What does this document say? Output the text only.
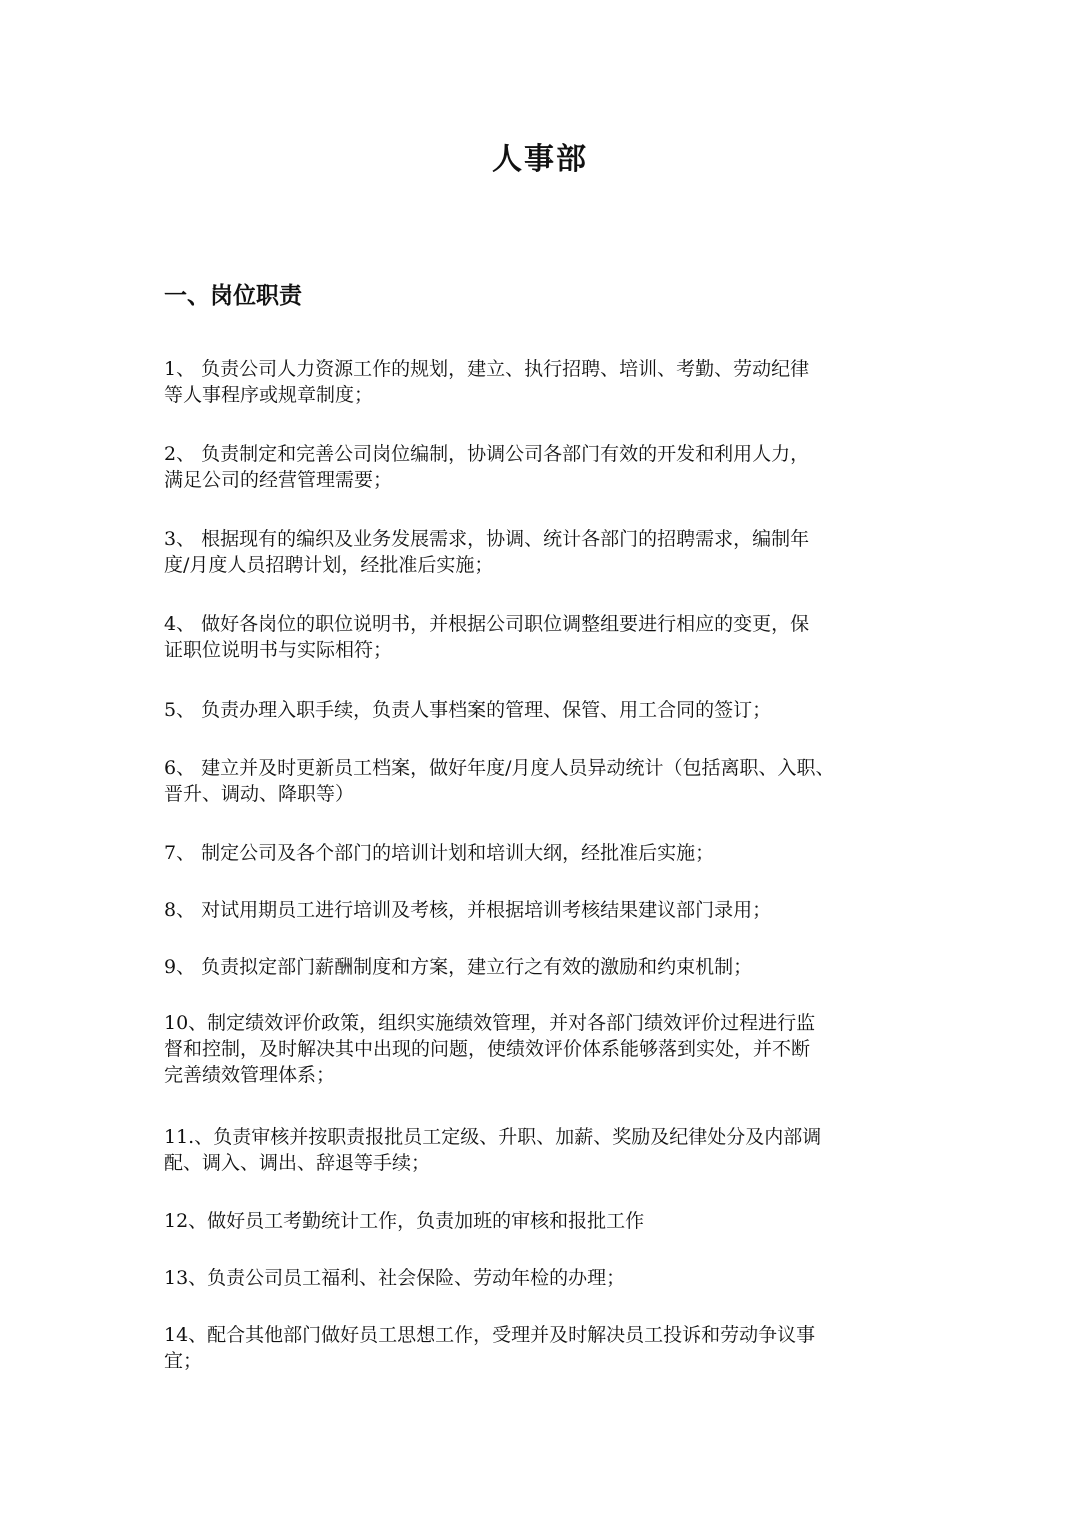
人事部
一、岗位职责
1、 负责公司人力资源工作的规划，建立、执行招聘、培训、考勤、劳动纪律
等人事程序或规章制度；
2、 负责制定和完善公司岗位编制，协调公司各部门有效的开发和利用人力，
满足公司的经营管理需要；
3、 根据现有的编织及业务发展需求，协调、统计各部门的招聘需求，编制年
度/月度人员招聘计划，经批准后实施；
4、 做好各岗位的职位说明书，并根据公司职位调整组要进行相应的变更，保
证职位说明书与实际相符；
5、 负责办理入职手续，负责人事档案的管理、保管、用工合同的签订；
6、 建立并及时更新员工档案，做好年度/月度人员异动统计（包括离职、入职、
晋升、调动、降职等）
7、 制定公司及各个部门的培训计划和培训大纲，经批准后实施；
8、 对试用期员工进行培训及考核，并根据培训考核结果建议部门录用；
9、 负责拟定部门薪酬制度和方案，建立行之有效的激励和约束机制；
10、制定绩效评价政策，组织实施绩效管理，并对各部门绩效评价过程进行监
督和控制，及时解决其中出现的问题，使绩效评价体系能够落到实处，并不断
完善绩效管理体系；
11.、负责审核并按职责报批员工定级、升职、加薪、奖励及纪律处分及内部调
配、调入、调出、辞退等手续；
12、做好员工考勤统计工作，负责加班的审核和报批工作
13、负责公司员工福利、社会保险、劳动年检的办理；
14、配合其他部门做好员工思想工作，受理并及时解决员工投诉和劳动争议事
宜；
